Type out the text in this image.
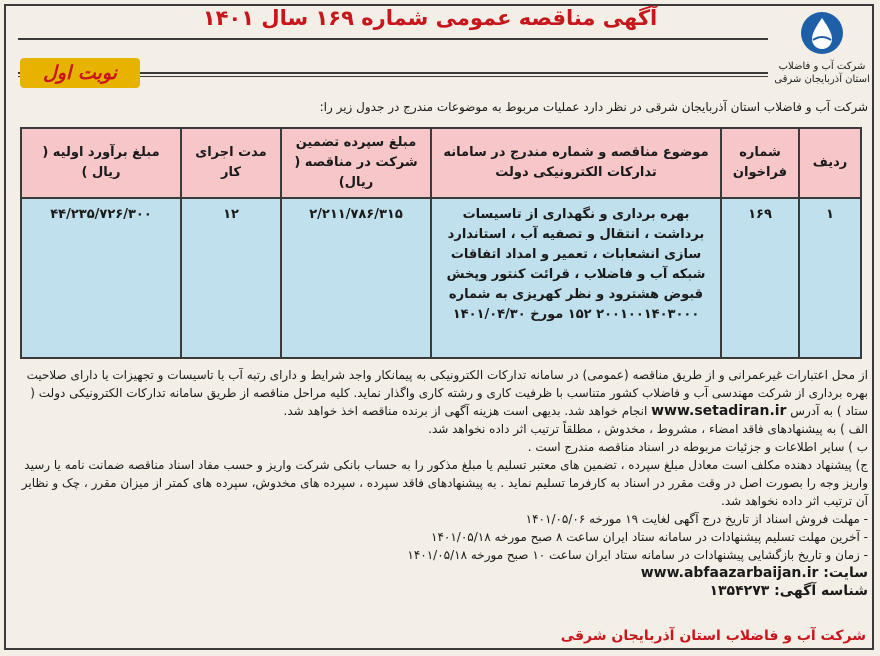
شرکت آب و فاضلاب
استان آذربایجان شرقی
آگهی مناقصه عمومی شماره ۱۶۹ سال ۱۴۰۱
نوبت اول
شرکت آب و فاضلاب استان آذربایجان شرقی در نظر دارد عملیات مربوط به موضوعات مندرج در جدول زیر را:
ردیف	شماره فراخوان	موضوع مناقصه و شماره مندرج در سامانه تدارکات الکترونیکی دولت	مبلغ سپرده تضمین شرکت در مناقصه ( ریال)	مدت اجرای کار	مبلغ برآورد اولیه ( ریال )
۱	۱۶۹	بهره برداری و نگهداری از تاسیسات برداشت ، انتقال و تصفیه آب ، استاندارد سازی انشعابات ، تعمیر و امداد اتفاقات شبکه آب و فاضلاب ، قرائت کنتور وپخش قبوض هشترود و نظر کهریزی به شماره ۲۰۰۱۰۰۱۴۰۳۰۰۰ ۱۵۲ مورخ ۱۴۰۱/۰۴/۳۰	۲/۲۱۱/۷۸۶/۳۱۵	۱۲	۴۴/۲۳۵/۷۲۶/۳۰۰

از محل اعتبارات غیرعمرانی و از طریق مناقصه (عمومی) در سامانه تدارکات الکترونیکی به پیمانکار واجد شرایط و دارای رتبه آب یا تاسیسات و تجهیزات یا دارای صلاحیت بهره برداری از شرکت مهندسی آب و فاضلاب کشور متناسب با ظرفیت کاری و رشته کاری واگذار نماید. کلیه مراحل مناقصه از طریق سامانه تدارکات الکترونیکی دولت ( ستاد ) به آدرس www.setadiran.ir انجام خواهد شد. بدیهی است هزینه آگهی از برنده مناقصه اخذ خواهد شد.

الف ) به پیشنهادهای فاقد امضاء ، مشروط ، مخدوش ، مطلقاً ترتیب اثر داده نخواهد شد.

ب ) سایر اطلاعات و جزئیات مربوطه در اسناد مناقصه مندرج است .

ج) پیشنهاد دهنده مکلف است معادل مبلغ سپرده ، تضمین های معتبر تسلیم یا مبلغ مذکور را به حساب بانکی شرکت واریز و حسب مفاد اسناد مناقصه ضمانت نامه یا رسید واریز وجه را بصورت اصل در وقت مقرر در اسناد به کارفرما تسلیم نماید . به پیشنهادهای فاقد سپرده ، سپرده های مخدوش، سپرده های کمتر از میزان مقرر ، چک و نظایر آن ترتیب اثر داده نخواهد شد.

- مهلت فروش اسناد از تاریخ درج آگهی لغایت ۱۹ مورخه ۱۴۰۱/۰۵/۰۶

- آخرین مهلت تسلیم پیشنهادات در سامانه ستاد ایران ساعت ۸ صبح مورخه ۱۴۰۱/۰۵/۱۸

- زمان و تاریخ بازگشایی پیشنهادات در سامانه ستاد ایران ساعت ۱۰ صبح مورخه ۱۴۰۱/۰۵/۱۸

سایت: www.abfaazarbaijan.ir

شناسه آگهی: ۱۳۵۴۲۷۳

شرکت آب و فاضلاب استان آذربایجان شرقی
